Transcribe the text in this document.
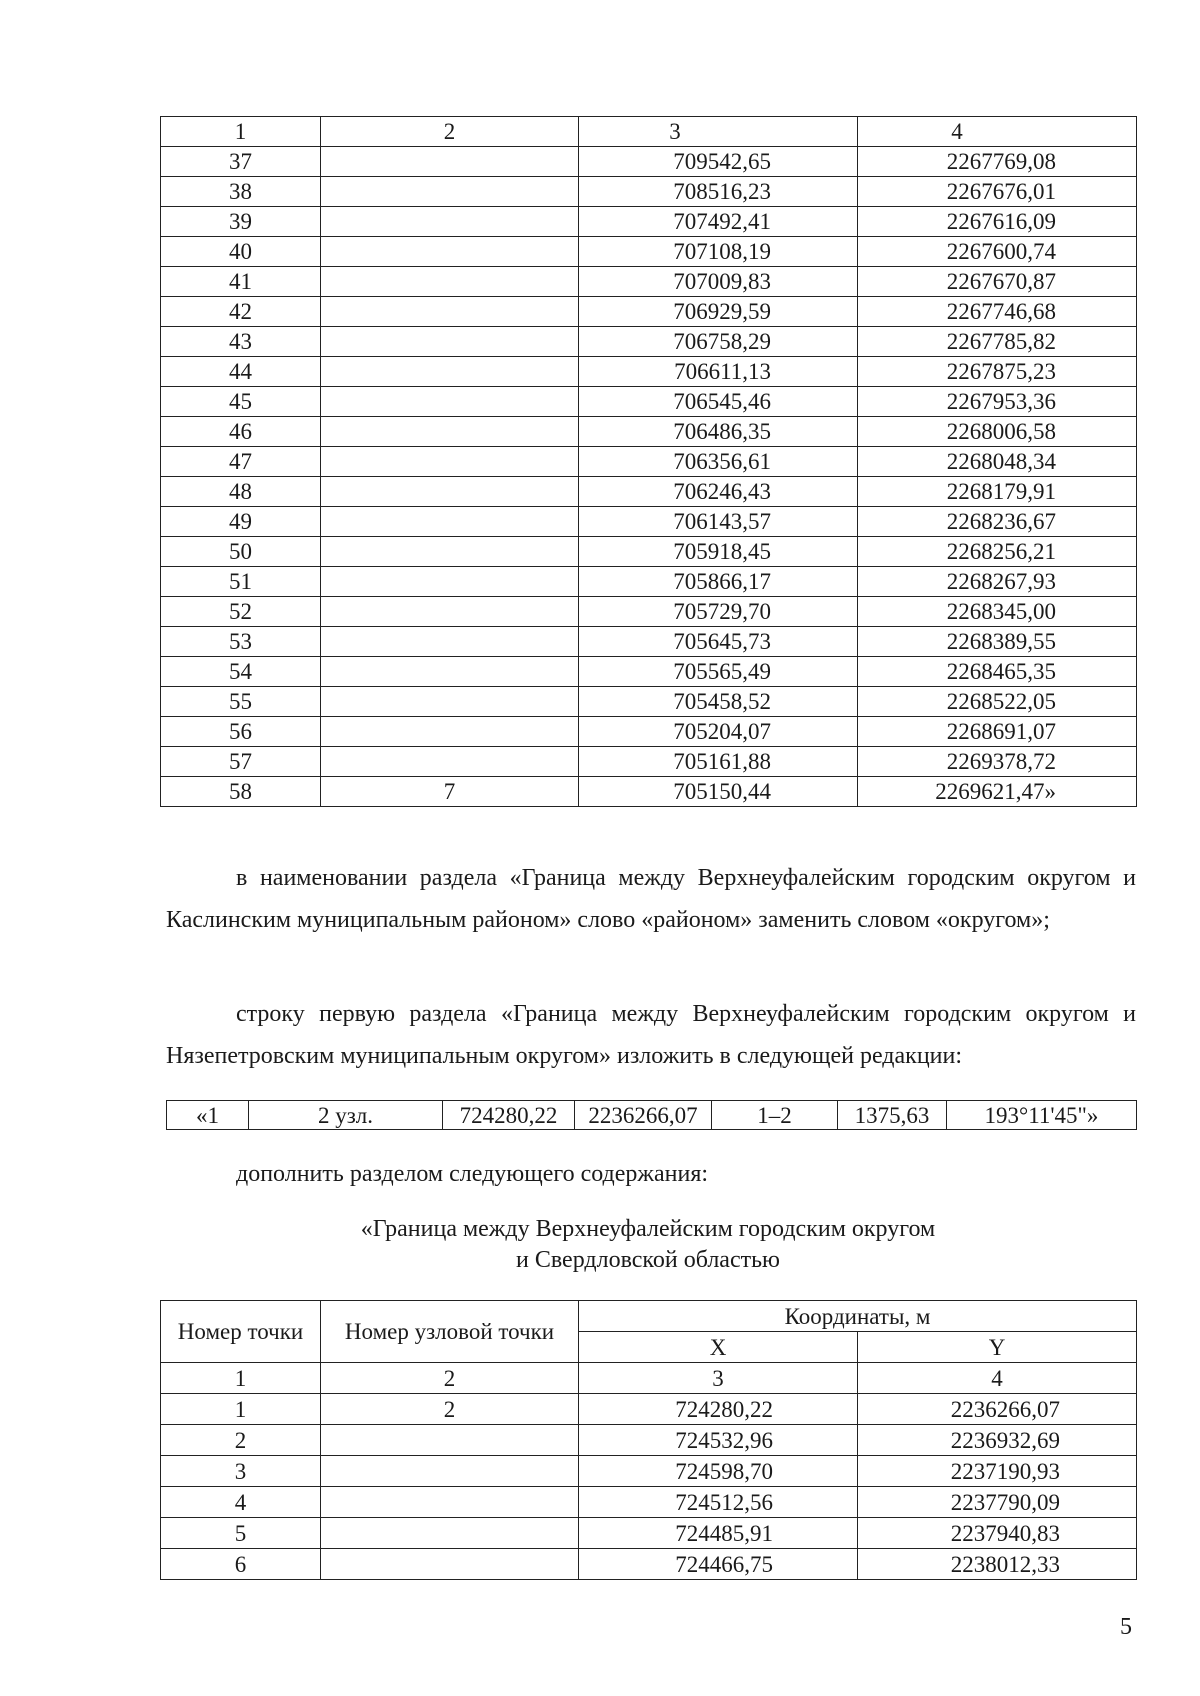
1	2	3	4
37		709542,65	2267769,08
38		708516,23	2267676,01
39		707492,41	2267616,09
40		707108,19	2267600,74
41		707009,83	2267670,87
42		706929,59	2267746,68
43		706758,29	2267785,82
44		706611,13	2267875,23
45		706545,46	2267953,36
46		706486,35	2268006,58
47		706356,61	2268048,34
48		706246,43	2268179,91
49		706143,57	2268236,67
50		705918,45	2268256,21
51		705866,17	2268267,93
52		705729,70	2268345,00
53		705645,73	2268389,55
54		705565,49	2268465,35
55		705458,52	2268522,05
56		705204,07	2268691,07
57		705161,88	2269378,72
58	7	705150,44	2269621,47»

в наименовании раздела «Граница между Верхнеуфалейским городским округом и Каслинским муниципальным районом» слово «районом» заменить словом «округом»;

строку первую раздела «Граница между Верхнеуфалейским городским округом и Нязепетровским муниципальным округом» изложить в следующей редакции:

«1	2 узл.	724280,22	2236266,07	1–2	1375,63	193°11'45"»

дополнить разделом следующего содержания:

«Граница между Верхнеуфалейским городским округом
и Свердловской областью
Номер точки	Номер узловой точки	Координаты, м	
		X	Y
1	2	3	4
1	2	724280,22	2236266,07
2		724532,96	2236932,69
3		724598,70	2237190,93
4		724512,56	2237790,09
5		724485,91	2237940,83
6		724466,75	2238012,33
5
